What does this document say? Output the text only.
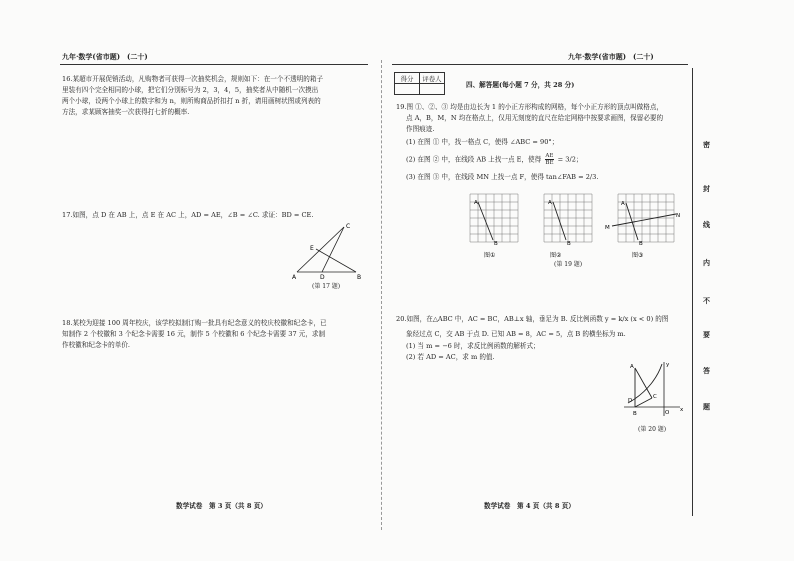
九年·数学(省市题)　(二十)	九年·数学(省市题)　(二十)
16.某超市开展促销活动，凡购物者可获得一次抽奖机会，规则如下：在一个不透明的箱子
里装有四个完全相同的小球，把它们分别标号为 2，3，4，5，抽奖者从中随机一次摸出
两个小球，设两个小球上的数字和为 n，则所购商品折扣打 n 折，请用画树状图或列表的
方法，求某顾客抽奖一次获得打七折的概率.
17.如图，点 D 在 AB 上，点 E 在 AC 上，AD = AE，∠B = ∠C. 求证：BD = CE.
A	B
C
D
E
(第 17 题)
18.某校为迎接 100 周年校庆，该学校拟制订购一批具有纪念意义的校庆校徽和纪念卡，已
知制作 2 个校徽和 3 个纪念卡需要 16 元，制作 5 个校徽和 6 个纪念卡需要 37 元，求制
作校徽和纪念卡的单价.
数学试卷　第 3 页（共 8 页）
得分	评卷人

四、解答题(每小题 7 分，共 28 分)
19.图 ①、②、③ 均是由边长为 1 的小正方形构成的网格，每个小正方形的顶点叫做格点，
点 A，B，M，N 均在格点上，仅用无刻度的直尺在给定网格中按要求画图，保留必要的
作图痕迹.
(1) 在图 ① 中，找一格点 C，使得 ∠ABC = 90°；
(2) 在图 ② 中，在线段 AB 上找一点 E，使得 $\frac{AE}{BE} = 3/2$；
(3) 在图 ③ 中，在线段 MN 上找一点 F，使得 tan∠FAB = 2/3.
A
B
A
B
A
B
M
N
图①	图②	图③
(第 19 题)
20.如图，在△ABC 中，AC = BC，AB⊥x 轴，垂足为 B. 反比例函数 y = k/x (x < 0) 的图
象经过点 C，交 AB 于点 D. 已知 AB = 8，AC = 5，点 B 的横坐标为 m.
(1) 当 m = −6 时，求反比例函数的解析式；
(2) 若 AD = AC，求 m 的值.
A
B
C
D
O x
y
(第 20 题)
数学试卷　第 4 页（共 8 页）
密
封
线
内
不
要
答
题
